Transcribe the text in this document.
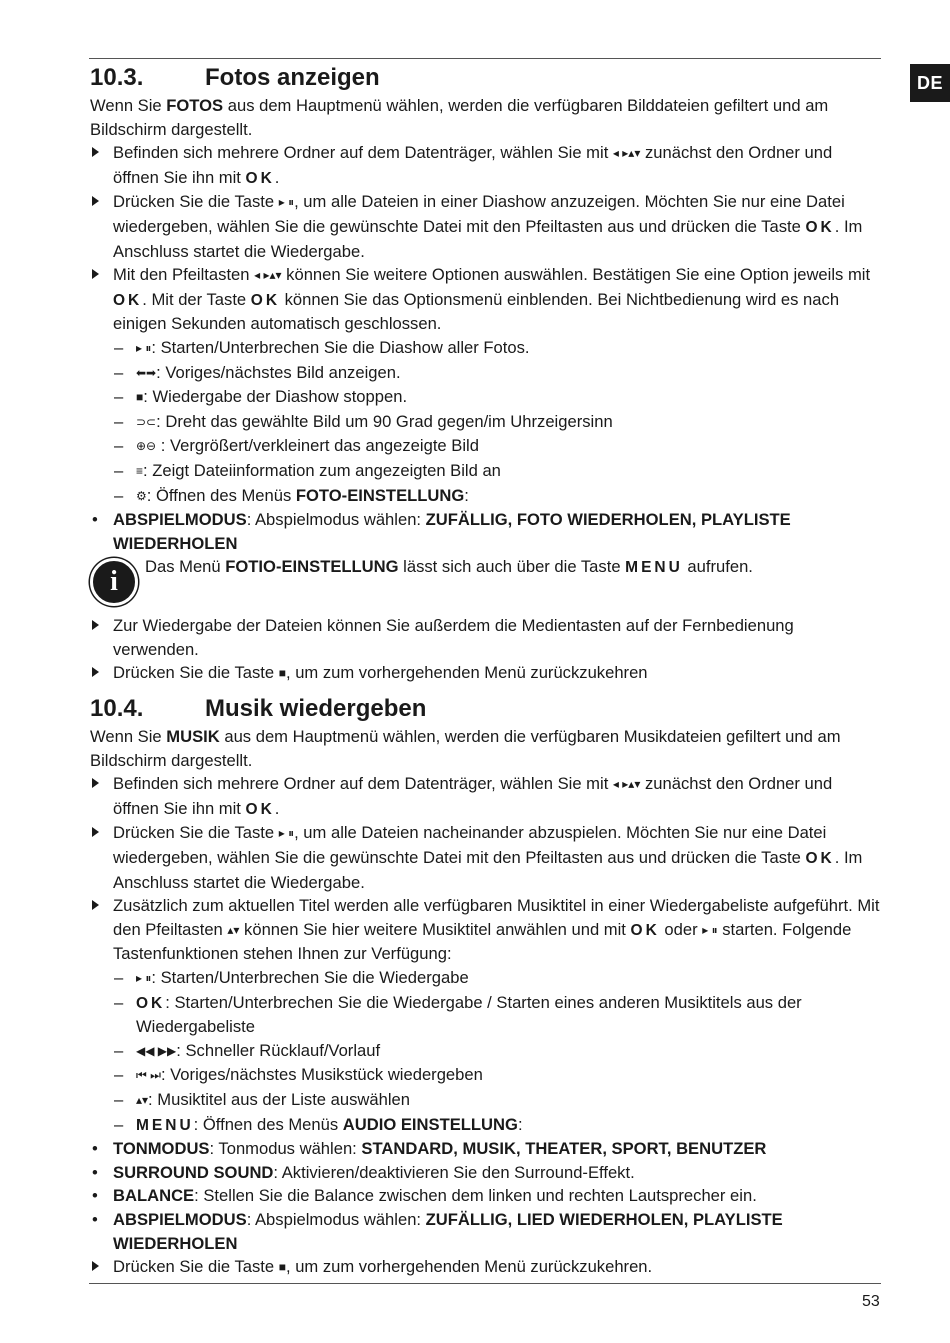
DE
10.3.	Fotos anzeigen

Wenn Sie FOTOS aus dem Hauptmenü wählen, werden die verfügbaren Bilddateien gefiltert und am Bildschirm dargestellt.

Befinden sich mehrere Ordner auf dem Datenträger, wählen Sie mit ◂ ▸▴▾ zunächst den Ordner und öffnen Sie ihn mit OK.
Drücken Sie die Taste ▸ ⏸, um alle Dateien in einer Diashow anzuzeigen. Möchten Sie nur eine Datei wiedergeben, wählen Sie die gewünschte Datei mit den Pfeiltasten aus und drücken die Taste OK. Im Anschluss startet die Wiedergabe.
Mit den Pfeiltasten ◂ ▸▴▾ können Sie weitere Optionen auswählen. Bestätigen Sie eine Option jeweils mit OK. Mit der Taste OK können Sie das Optionsmenü einblenden. Bei Nichtbedienung wird es nach einigen Sekunden automatisch geschlossen.
– ▸ ⏸: Starten/Unterbrechen Sie die Diashow aller Fotos.
– ⬅➡: Voriges/nächstes Bild anzeigen.
– ■: Wiedergabe der Diashow stoppen.
– ⊃⊂: Dreht das gewählte Bild um 90 Grad gegen/im Uhrzeigersinn
– ⊕⊖ : Vergrößert/verkleinert das angezeigte Bild
– ≡: Zeigt Dateiinformation zum angezeigten Bild an
– ⚙: Öffnen des Menüs FOTO-EINSTELLUNG:
• ABSPIELMODUS: Abspielmodus wählen: ZUFÄLLIG, FOTO WIEDERHOLEN, PLAYLISTE WIEDERHOLEN
i	Das Menü FOTIO-EINSTELLUNG lässt sich auch über die Taste MENU aufrufen.
Zur Wiedergabe der Dateien können Sie außerdem die Medientasten auf der Fernbedienung verwenden.
Drücken Sie die Taste ■, um zum vorhergehenden Menü zurückzukehren
10.4.	Musik wiedergeben

Wenn Sie MUSIK aus dem Hauptmenü wählen, werden die verfügbaren Musikdateien gefiltert und am Bildschirm dargestellt.

Befinden sich mehrere Ordner auf dem Datenträger, wählen Sie mit ◂ ▸▴▾ zunächst den Ordner und öffnen Sie ihn mit OK.
Drücken Sie die Taste ▸ ⏸, um alle Dateien nacheinander abzuspielen. Möchten Sie nur eine Datei wiedergeben, wählen Sie die gewünschte Datei mit den Pfeiltasten aus und drücken die Taste OK. Im Anschluss startet die Wiedergabe.
Zusätzlich zum aktuellen Titel werden alle verfügbaren Musiktitel in einer Wiedergabeliste aufgeführt. Mit den Pfeiltasten ▴▾ können Sie hier weitere Musiktitel anwählen und mit OK oder ▸ ⏸ starten. Folgende Tastenfunktionen stehen Ihnen zur Verfügung:
– ▸ ⏸: Starten/Unterbrechen Sie die Wiedergabe
– OK: Starten/Unterbrechen Sie die Wiedergabe / Starten eines anderen Musiktitels aus der Wiedergabeliste
– ◀◀ ▶▶: Schneller Rücklauf/Vorlauf
– ⏮ ⏭: Voriges/nächstes Musikstück wiedergeben
– ▴▾: Musiktitel aus der Liste auswählen
– MENU: Öffnen des Menüs AUDIO EINSTELLUNG:
• TONMODUS: Tonmodus wählen: STANDARD, MUSIK, THEATER, SPORT, BENUTZER
• SURROUND SOUND: Aktivieren/deaktivieren Sie den Surround-Effekt.
• BALANCE: Stellen Sie die Balance zwischen dem linken und rechten Lautsprecher ein.
• ABSPIELMODUS: Abspielmodus wählen: ZUFÄLLIG, LIED WIEDERHOLEN, PLAYLISTE WIEDERHOLEN
Drücken Sie die Taste ■, um zum vorhergehenden Menü zurückzukehren.
53
